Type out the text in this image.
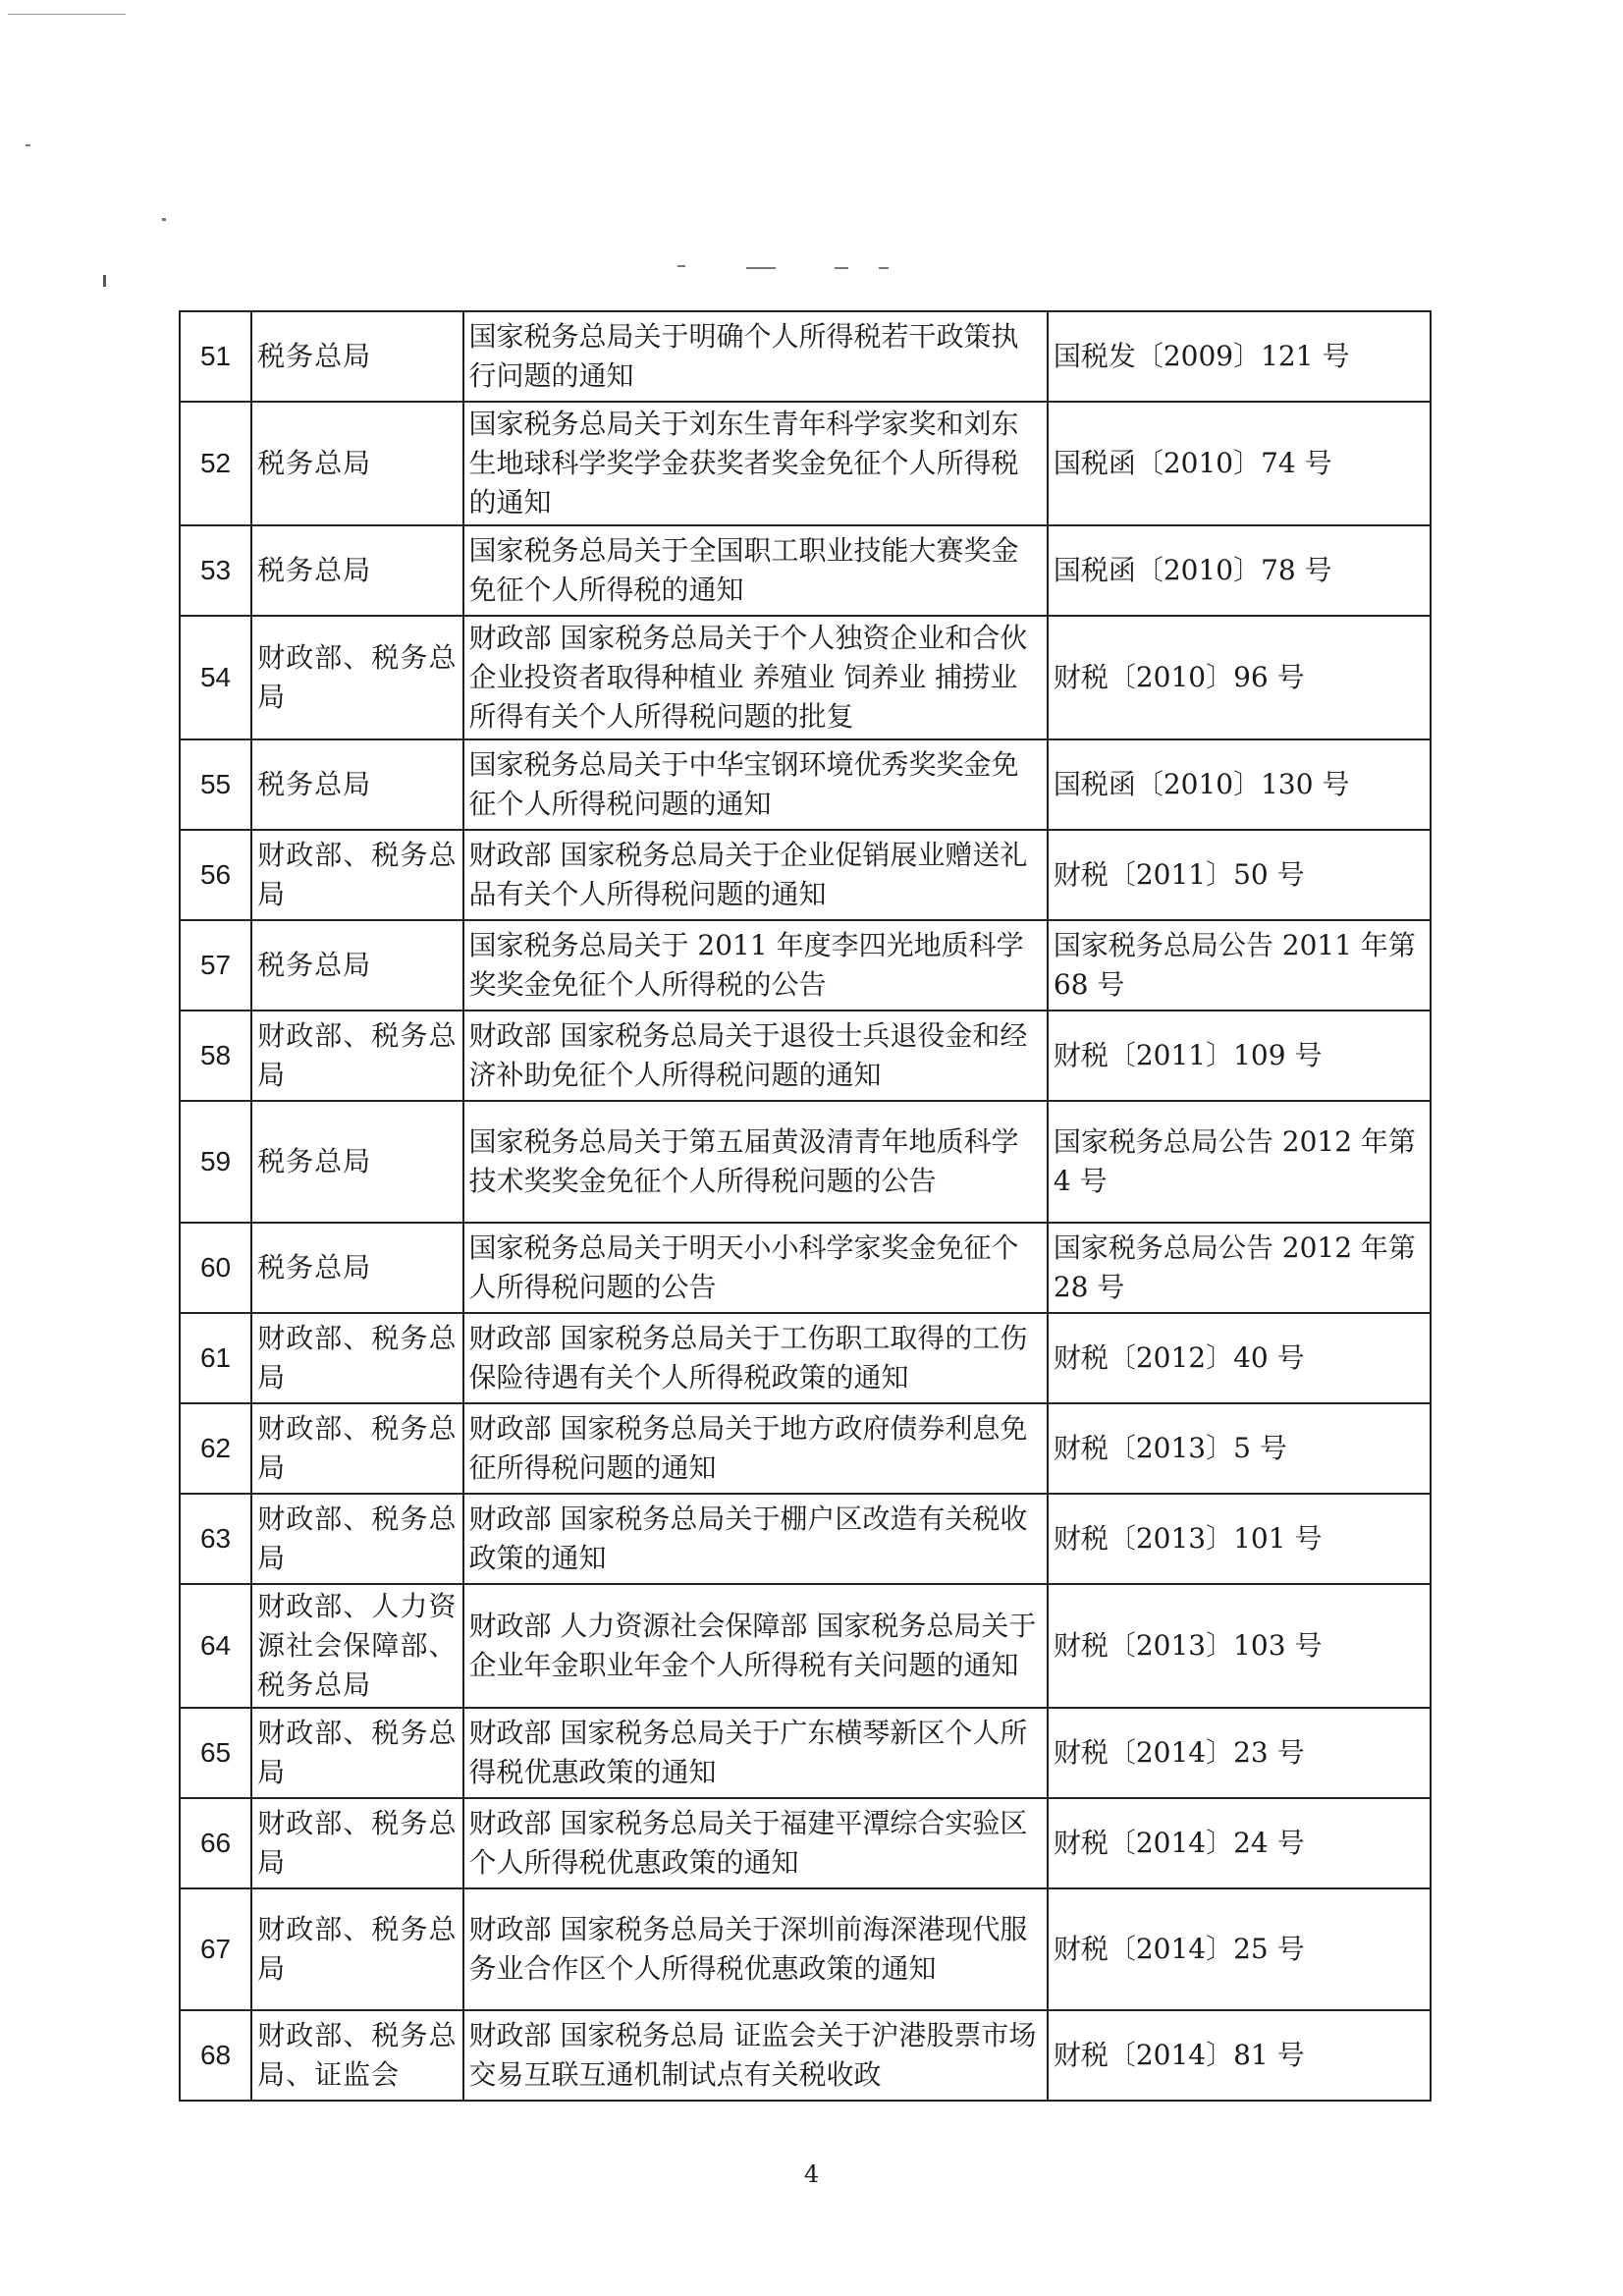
51	税务总局	国家税务总局关于明确个人所得税若干政策执行问题的通知	国税发〔2009〕121 号
52	税务总局	国家税务总局关于刘东生青年科学家奖和刘东生地球科学奖学金获奖者奖金免征个人所得税的通知	国税函〔2010〕74 号
53	税务总局	国家税务总局关于全国职工职业技能大赛奖金免征个人所得税的通知	国税函〔2010〕78 号
54	财政部、税务总局	财政部 国家税务总局关于个人独资企业和合伙企业投资者取得种植业 养殖业 饲养业 捕捞业所得有关个人所得税问题的批复	财税〔2010〕96 号
55	税务总局	国家税务总局关于中华宝钢环境优秀奖奖金免征个人所得税问题的通知	国税函〔2010〕130 号
56	财政部、税务总局	财政部 国家税务总局关于企业促销展业赠送礼品有关个人所得税问题的通知	财税〔2011〕50 号
57	税务总局	国家税务总局关于 2011 年度李四光地质科学奖奖金免征个人所得税的公告	国家税务总局公告 2011 年第 68 号
58	财政部、税务总局	财政部 国家税务总局关于退役士兵退役金和经济补助免征个人所得税问题的通知	财税〔2011〕109 号
59	税务总局	国家税务总局关于第五届黄汲清青年地质科学技术奖奖金免征个人所得税问题的公告	国家税务总局公告 2012 年第 4 号
60	税务总局	国家税务总局关于明天小小科学家奖金免征个人所得税问题的公告	国家税务总局公告 2012 年第 28 号
61	财政部、税务总局	财政部 国家税务总局关于工伤职工取得的工伤保险待遇有关个人所得税政策的通知	财税〔2012〕40 号
62	财政部、税务总局	财政部 国家税务总局关于地方政府债券利息免征所得税问题的通知	财税〔2013〕5 号
63	财政部、税务总局	财政部 国家税务总局关于棚户区改造有关税收政策的通知	财税〔2013〕101 号
64	财政部、人力资源社会保障部、税务总局	财政部 人力资源社会保障部 国家税务总局关于企业年金职业年金个人所得税有关问题的通知	财税〔2013〕103 号
65	财政部、税务总局	财政部 国家税务总局关于广东横琴新区个人所得税优惠政策的通知	财税〔2014〕23 号
66	财政部、税务总局	财政部 国家税务总局关于福建平潭综合实验区个人所得税优惠政策的通知	财税〔2014〕24 号
67	财政部、税务总局	财政部 国家税务总局关于深圳前海深港现代服务业合作区个人所得税优惠政策的通知	财税〔2014〕25 号
68	财政部、税务总局、证监会	财政部 国家税务总局 证监会关于沪港股票市场交易互联互通机制试点有关税收政	财税〔2014〕81 号
4
